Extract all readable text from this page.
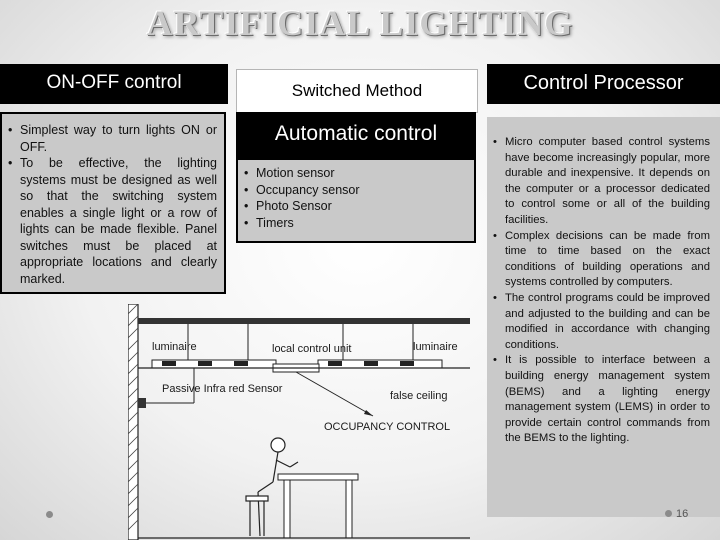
ARTIFICIAL LIGHTING
ON-OFF control
• Simplest way to turn lights ON or OFF.
• To be effective, the lighting systems must be designed as well so that the switching system enables a single light or a row of lights can be made flexible. Panel switches must be placed at appropriate locations and clearly marked.
Switched Method
Automatic control
• Motion sensor
• Occupancy sensor
• Photo Sensor
• Timers
Control Processor
• Micro computer based control systems have become increasingly popular, more durable and inexpensive. It depends on the computer or a processor dedicated to control some or all of the building facilities.
• Complex decisions can be made from time to time based on the exact conditions of building operations and systems controlled by computers.
• The control programs could be improved and adjusted to the building and can be modified in accordance with changing conditions.
• It is possible to interface between a building energy management system (BEMS) and a lighting energy management system (LEMS) in order to provide certain control commands from the BEMS to the lighting.
luminaire	local control unit	luminaire
Passive Infra red Sensor
false ceiling
OCCUPANCY CONTROL
16
